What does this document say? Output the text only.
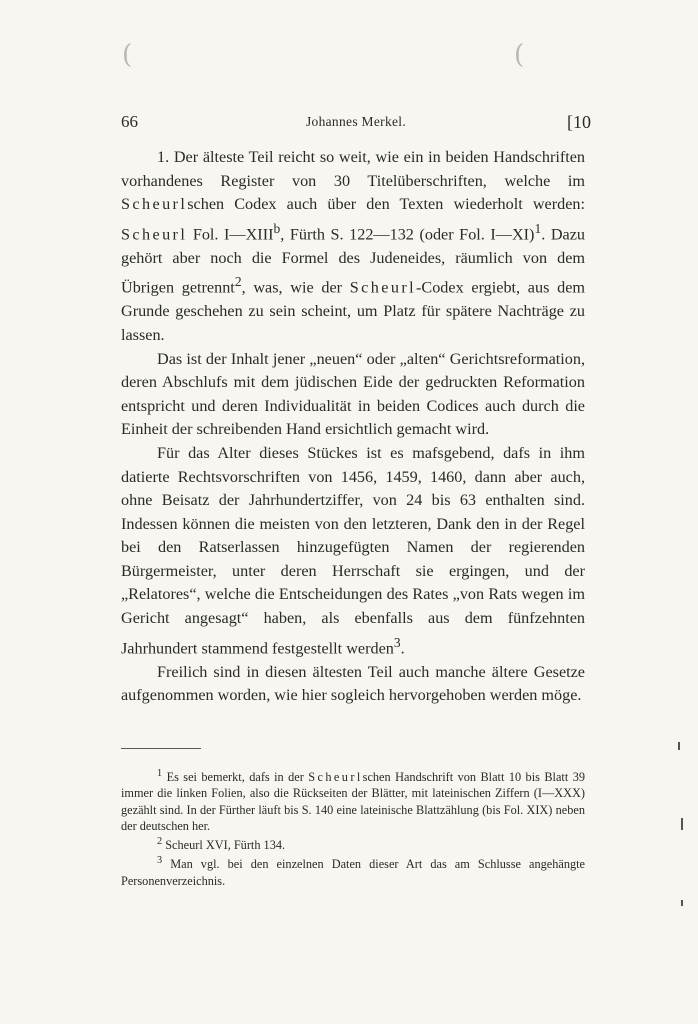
(	(
66	Johannes Merkel.	[10

1. Der älteste Teil reicht so weit, wie ein in beiden Handschriften vorhandenes Register von 30 Titelüberschriften, welche im Scheurlschen Codex auch über den Texten wiederholt werden: Scheurl Fol. I—XIII$^b$, Fürth S. 122—132 (oder Fol. I—XI)$^1$. Dazu gehört aber noch die Formel des Judeneides, räumlich von dem Übrigen getrennt$^2$, was, wie der Scheurl-Codex ergiebt, aus dem Grunde geschehen zu sein scheint, um Platz für spätere Nachträge zu lassen.

Das ist der Inhalt jener „neuen“ oder „alten“ Gerichtsreformation, deren Abschlufs mit dem jüdischen Eide der gedruckten Reformation entspricht und deren Individualität in beiden Codices auch durch die Einheit der schreibenden Hand ersichtlich gemacht wird.

Für das Alter dieses Stückes ist es mafsgebend, dafs in ihm datierte Rechtsvorschriften von 1456, 1459, 1460, dann aber auch, ohne Beisatz der Jahrhundertziffer, von 24 bis 63 enthalten sind. Indessen können die meisten von den letzteren, Dank den in der Regel bei den Ratserlassen hinzugefügten Namen der regierenden Bürgermeister, unter deren Herrschaft sie ergingen, und der „Relatores“, welche die Entscheidungen des Rates „von Rats wegen im Gericht angesagt“ haben, als ebenfalls aus dem fünfzehnten Jahrhundert stammend festgestellt werden$^3$.

Freilich sind in diesen ältesten Teil auch manche ältere Gesetze aufgenommen worden, wie hier sogleich hervorgehoben werden möge.

$^1$ Es sei bemerkt, dafs in der Scheurlschen Handschrift von Blatt 10 bis Blatt 39 immer die linken Folien, also die Rückseiten der Blätter, mit lateinischen Ziffern (I—XXX) gezählt sind. In der Fürther läuft bis S. 140 eine lateinische Blattzählung (bis Fol. XIX) neben der deutschen her.

$^2$ Scheurl XVI, Fürth 134.

$^3$ Man vgl. bei den einzelnen Daten dieser Art das am Schlusse angehängte Personenverzeichnis.
